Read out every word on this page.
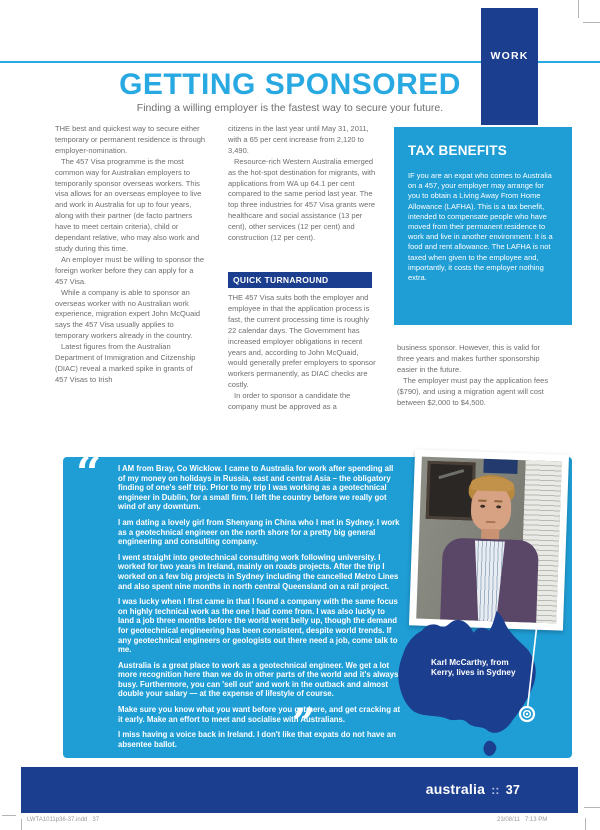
WORK
GETTING SPONSORED
Finding a willing employer is the fastest way to secure your future.

THE best and quickest way to secure either temporary or permanent residence is through employer-nomination.

The 457 Visa programme is the most common way for Australian employers to temporarily sponsor overseas workers. This visa allows for an overseas employee to live and work in Australia for up to four years, along with their partner (de facto partners have to meet certain criteria), child or dependant relative, who may also work and study during this time.

An employer must be willing to sponsor the foreign worker before they can apply for a 457 Visa.

While a company is able to sponsor an overseas worker with no Australian work experience, migration expert John McQuaid says the 457 Visa usually applies to temporary workers already in the country.

Latest figures from the Australian Department of Immigration and Citzenship (DIAC) reveal a marked spike in grants of 457 Visas to Irish

citizens in the last year until May 31, 2011, with a 65 per cent increase from 2,120 to 3,490.

Resource-rich Western Australia emerged as the hot-spot destination for migrants, with applications from WA up 64.1 per cent compared to the same period last year. The top three industries for 457 Visa grants were healthcare and social assistance (13 per cent), other services (12 per cent) and construction (12 per cent).

QUICK TURNAROUND

THE 457 Visa suits both the employer and employee in that the application process is fast, the current processing time is roughly 22 calendar days. The Government has increased employer obligations in recent years and, according to John McQuaid, would generally prefer employers to sponsor workers permanently, as DIAC checks are costly.

In order to sponsor a candidate the company must be approved as a

TAX BENEFITS
IF you are an expat who comes to Australia on a 457, your employer may arrange for you to obtain a Living Away From Home Allowance (LAFHA). This is a tax benefit, intended to compensate people who have moved from their permanent residence to work and live in another environment. It is a food and rent allowance. The LAFHA is not taxed when given to the employee and, importantly, it costs the employer nothing extra.

business sponsor. However, this is valid for three years and makes further sponsorship easier in the future.

The employer must pay the application fees ($790), and using a migration agent will cost between $2,000 to $4,500.

“ I AM from Bray, Co Wicklow. I came to Australia for work after spending all of my money on holidays in Russia, east and central Asia – the obligatory finding of one's self trip. Prior to my trip I was working as a geotechnical engineer in Dublin, for a small firm. I left the country before we really got wind of any downturn.

I am dating a lovely girl from Shenyang in China who I met in Sydney. I work as a geotechnical engineer on the north shore for a pretty big general engineering and consulting company.

I went straight into geotechnical consulting work following university. I worked for two years in Ireland, mainly on roads projects. After the trip I worked on a few big projects in Sydney including the cancelled Metro Lines and also spent nine months in north central Queensland on a rail project.

I was lucky when I first came in that I found a company with the same focus on highly technical work as the one I had come from. I was also lucky to land a job three months before the world went belly up, though the demand for geotechnical engineering has been consistent, despite world trends. If any geotechnical engineers or geologists out there need a job, come talk to me.

Australia is a great place to work as a geotechnical engineer. We get a lot more recognition here than we do in other parts of the world and it's always busy. Furthermore, you can 'sell out' and work in the outback and almost double your salary — at the expense of lifestyle of course.

Make sure you know what you want before you get here, and get cracking at it early. Make an effort to meet and socialise with Australians.

I miss having a voice back in Ireland. I don't like that expats do not have an absentee ballot.	”
Karl McCarthy, from
Kerry, lives in Sydney
australia :: 37
LWTA1011p36-37.indd   37	23/08/11   7:13 PM
